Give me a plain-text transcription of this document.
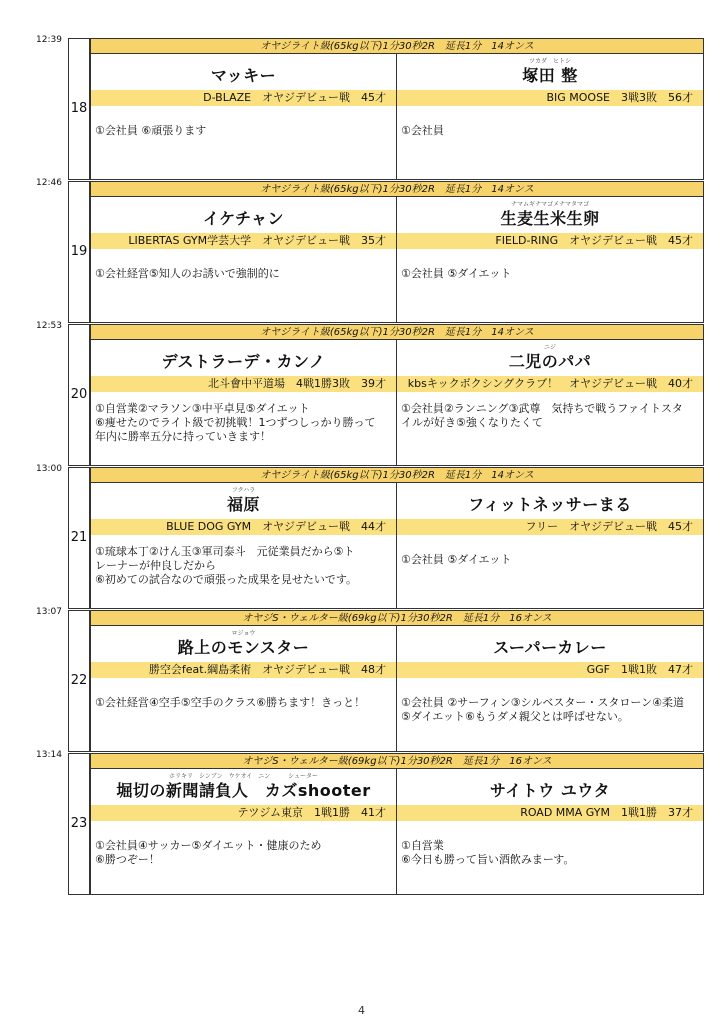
12:39
18
オヤジライト級(65kg以下)1分30秒2R　延長1分　14オンス
マッキー
D-BLAZE　オヤジデビュー戦　45才
①会社員 ⑥頑張ります
ツカダ　ヒトシ
塚田 整
BIG MOOSE　3戦3敗　56才
①会社員
12:46
19
オヤジライト級(65kg以下)1分30秒2R　延長1分　14オンス
イケチャン
LIBERTAS GYM学芸大学　オヤジデビュー戦　35才
①会社経営⑤知人のお誘いで強制的に
ナマムギナマゴメナマタマゴ
生麦生米生卵
FIELD-RING　オヤジデビュー戦　45才
①会社員 ⑤ダイエット
12:53
20
オヤジライト級(65kg以下)1分30秒2R　延長1分　14オンス
デストラーデ・カンノ
北斗會中平道場　4戦1勝3敗　39才
①自営業②マラソン③中平卓見⑤ダイエット
⑥痩せたのでライト級で初挑戦！1つずつしっかり勝って
年内に勝率五分に持っていきます！
ニジ
二児のパパ
kbsキックボクシングクラブ！　オヤジデビュー戦　40才
①会社員②ランニング③武尊　気持ちで戦うファイトスタ
イルが好き⑤強くなりたくて
13:00
21
オヤジライト級(65kg以下)1分30秒2R　延長1分　14オンス
フクハラ
福原
BLUE DOG GYM　オヤジデビュー戦　44才
①琉球本丁②けん玉③軍司泰斗　元従業員だから⑤ト
レーナーが仲良しだから
⑥初めての試合なので頑張った成果を見せたいです。
フィットネッサーまる
フリー　オヤジデビュー戦　45才
①会社員 ⑤ダイエット
13:07
22
オヤジS・ウェルター級(69kg以下)1分30秒2R　延長1分　16オンス
ロジョウ
路上のモンスター
勝空会feat.綱島柔術　オヤジデビュー戦　48才
①会社経営④空手⑤空手のクラス⑥勝ちます！きっと！
スーパーカレー
GGF　1戦1敗　47才
①会社員 ②サーフィン③シルベスター・スタローン④柔道
⑤ダイエット⑥もうダメ親父とは呼ばせない。
13:14
23
オヤジS・ウェルター級(69kg以下)1分30秒2R　延長1分　16オンス
ホリキリ　シンブン　ウケオイ　ニン　　　シューター
堀切の新聞請負人　カズshooter
テツジム東京　1戦1勝　41才
①会社員④サッカー⑤ダイエット・健康のため
⑥勝つぞー！
サイトウ ユウタ
ROAD MMA GYM　1戦1勝　37才
①自営業
⑥今日も勝って旨い酒飲みまーす。
4
